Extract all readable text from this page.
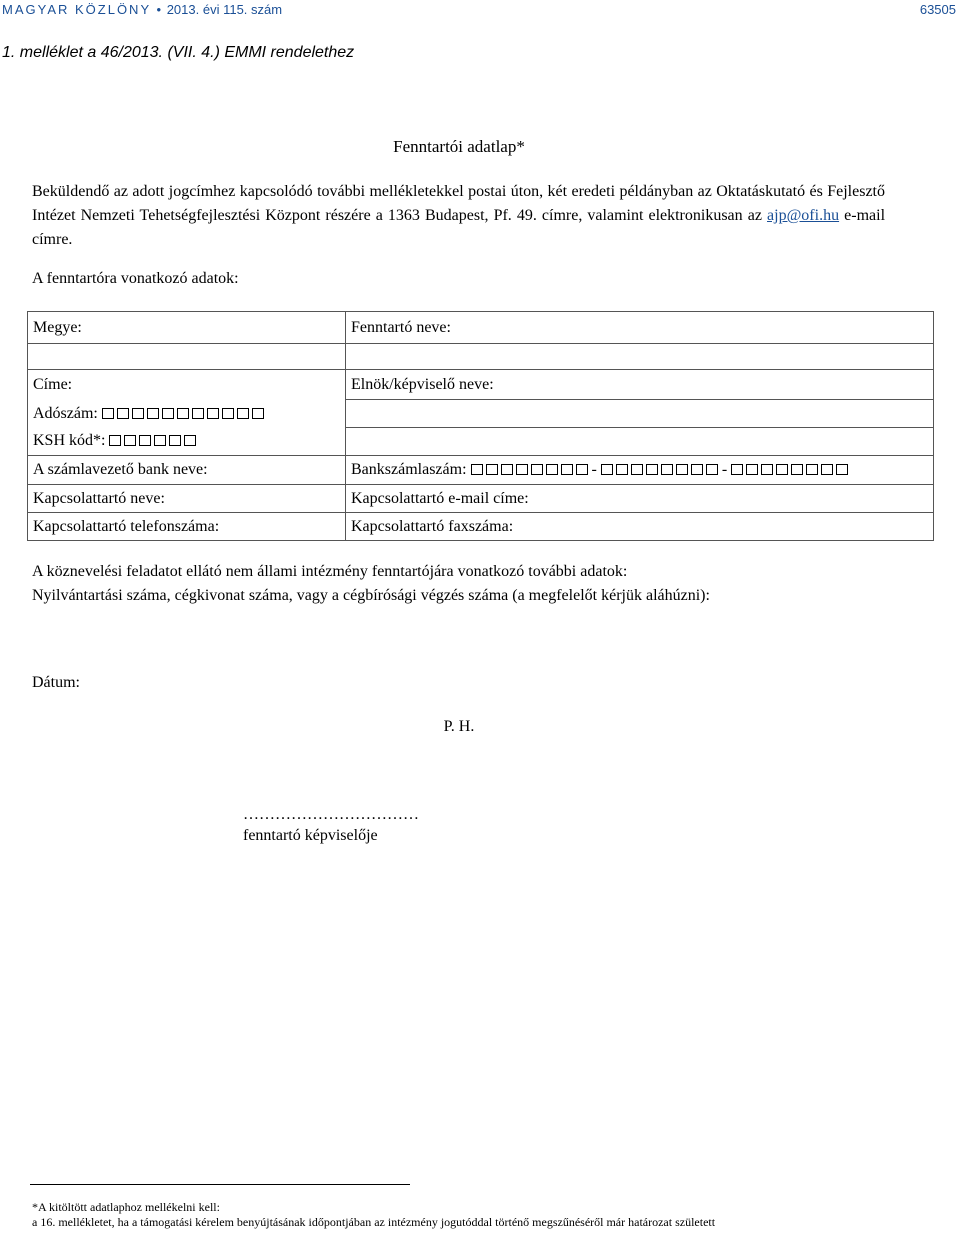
MAGYAR KÖZLÖNY • 2013. évi 115. szám	63505
1. melléklet a 46/2013. (VII. 4.) EMMI rendelethez
Fenntartói adatlap*
Beküldendő az adott jogcímhez kapcsolódó további mellékletekkel postai úton, két eredeti példányban az Oktatáskutató és Fejlesztő Intézet Nemzeti Tehetségfejlesztési Központ részére a 1363 Budapest, Pf. 49. címre, valamint elektronikusan az ajp@ofi.hu e-mail címre.
A fenntartóra vonatkozó adatok:
Megye:	Fenntartó neve:

Címe:	Elnök/képviselő neve:
Adószám:	
KSH kód*:	
A számlavezető bank neve:	Bankszámlaszám: - -
Kapcsolattartó neve:	Kapcsolattartó e-mail címe:
Kapcsolattartó telefonszáma:	Kapcsolattartó faxszáma:
A köznevelési feladatot ellátó nem állami intézmény fenntartójára vonatkozó további adatok:
Nyilvántartási száma, cégkivonat száma, vagy a cégbírósági végzés száma (a megfelelőt kérjük aláhúzni):
Dátum:
P. H.
……………………………
fenntartó képviselője
*A kitöltött adatlaphoz mellékelni kell:
a 16. mellékletet, ha a támogatási kérelem benyújtásának időpontjában az intézmény jogutóddal történő megszűnéséről már határozat született
